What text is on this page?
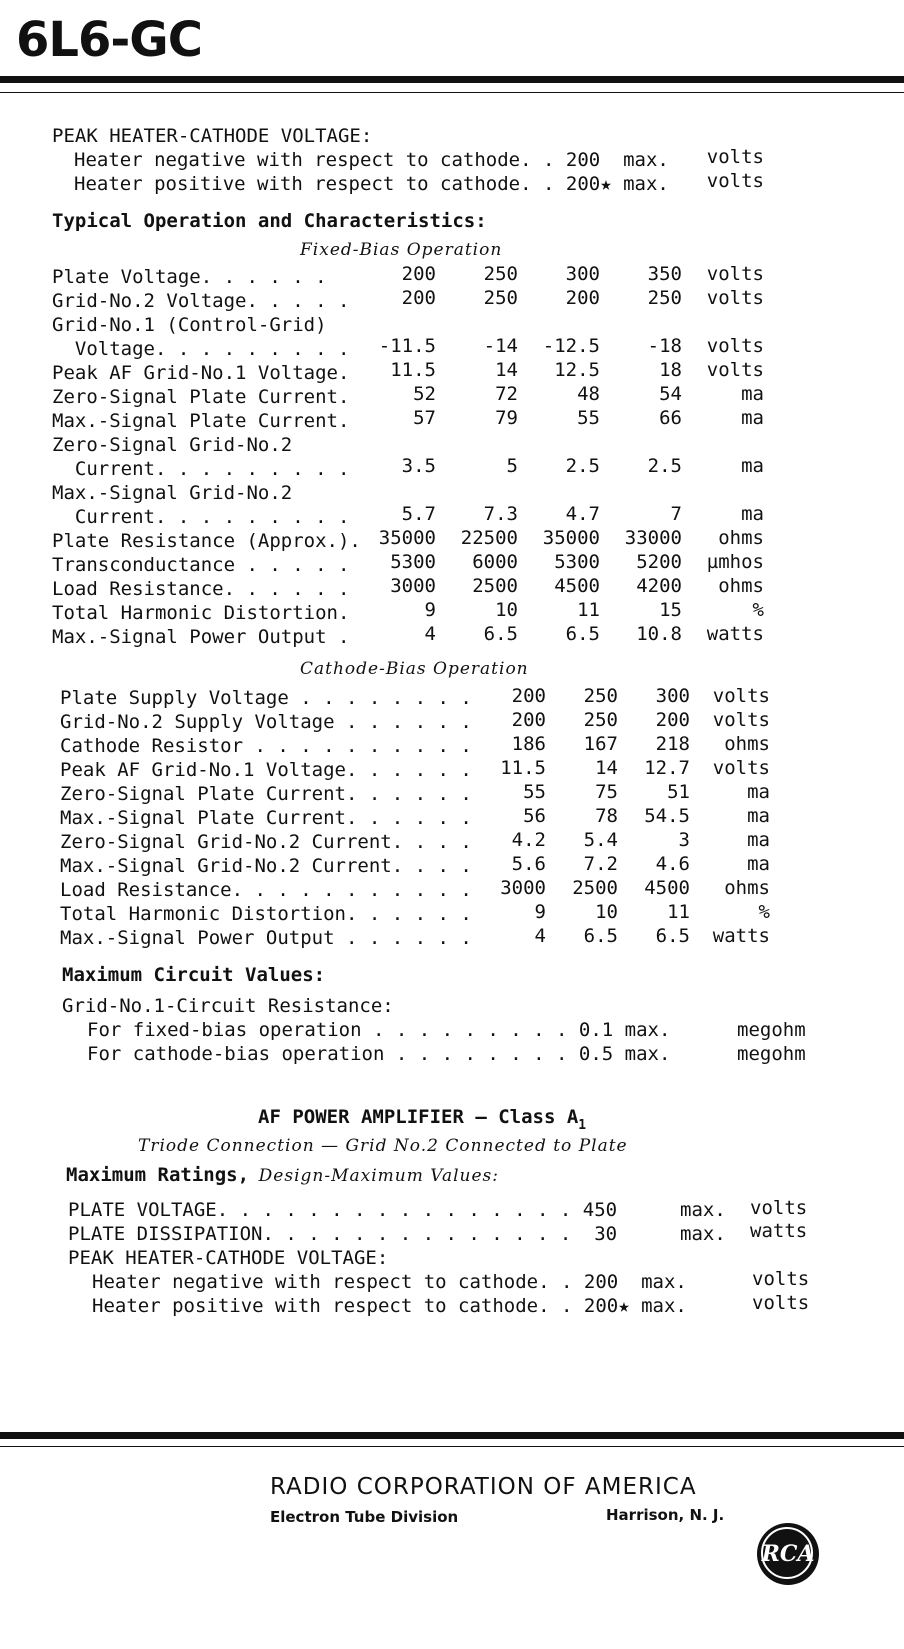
6L6-GC
PEAK HEATER-CATHODE VOLTAGE:
Heater negative with respect to cathode. . 200  max.	volts
Heater positive with respect to cathode. . 200★ max.	volts
Typical Operation and Characteristics:
Fixed-Bias Operation
Plate Voltage. . . . . .	200	250	300	350	volts
Grid-No.2 Voltage. . . . .	200	250	200	250	volts
Grid-No.1 (Control-Grid)
Voltage. . . . . . . . .	-11.5	-14	-12.5	-18	volts
Peak AF Grid-No.1 Voltage.	11.5	14	12.5	18	volts
Zero-Signal Plate Current.	52	72	48	54	ma
Max.-Signal Plate Current.	57	79	55	66	ma
Zero-Signal Grid-No.2
Current. . . . . . . . .	3.5	5	2.5	2.5	ma
Max.-Signal Grid-No.2
Current. . . . . . . . .	5.7	7.3	4.7	7	ma
Plate Resistance (Approx.). 35000	22500	35000	33000	ohms
Transconductance . . . . .	5300	6000	5300	5200	µmhos
Load Resistance. . . . . .	3000	2500	4500	4200	ohms
Total Harmonic Distortion.	9	10	11	15	%
Max.-Signal Power Output .	4	6.5	6.5	10.8	watts
Cathode-Bias Operation
Plate Supply Voltage . . . . . . . .	200	250	300	volts
Grid-No.2 Supply Voltage . . . . . .	200	250	200	volts
Cathode Resistor . . . . . . . . . .	186	167	218	ohms
Peak AF Grid-No.1 Voltage. . . . . .	11.5	14	12.7	volts
Zero-Signal Plate Current. . . . . .	55	75	51	ma
Max.-Signal Plate Current. . . . . .	56	78	54.5	ma
Zero-Signal Grid-No.2 Current. . . .	4.2	5.4	3	ma
Max.-Signal Grid-No.2 Current. . . .	5.6	7.2	4.6	ma
Load Resistance. . . . . . . . . . .	3000	2500	4500	ohms
Total Harmonic Distortion. . . . . .	9	10	11	%
Max.-Signal Power Output . . . . . .	4	6.5	6.5	watts
Maximum Circuit Values:
Grid-No.1-Circuit Resistance:
For fixed-bias operation . . . . . . . . . 0.1 max.	megohm
For cathode-bias operation . . . . . . . . 0.5 max.	megohm
AF POWER AMPLIFIER — Class $A_1$
Triode Connection — Grid No.2 Connected to Plate
Maximum Ratings, Design-Maximum Values:
PLATE VOLTAGE. . . . . . . . . . . . . . . . 450	max. volts
PLATE DISSIPATION. . . . . . . . . . . . . .  30	max. watts
PEAK HEATER-CATHODE VOLTAGE:
Heater negative with respect to cathode. . 200  max.	volts
Heater positive with respect to cathode. . 200★ max.	volts
RADIO CORPORATION OF AMERICA
Electron Tube Division	Harrison, N. J.
RCA
